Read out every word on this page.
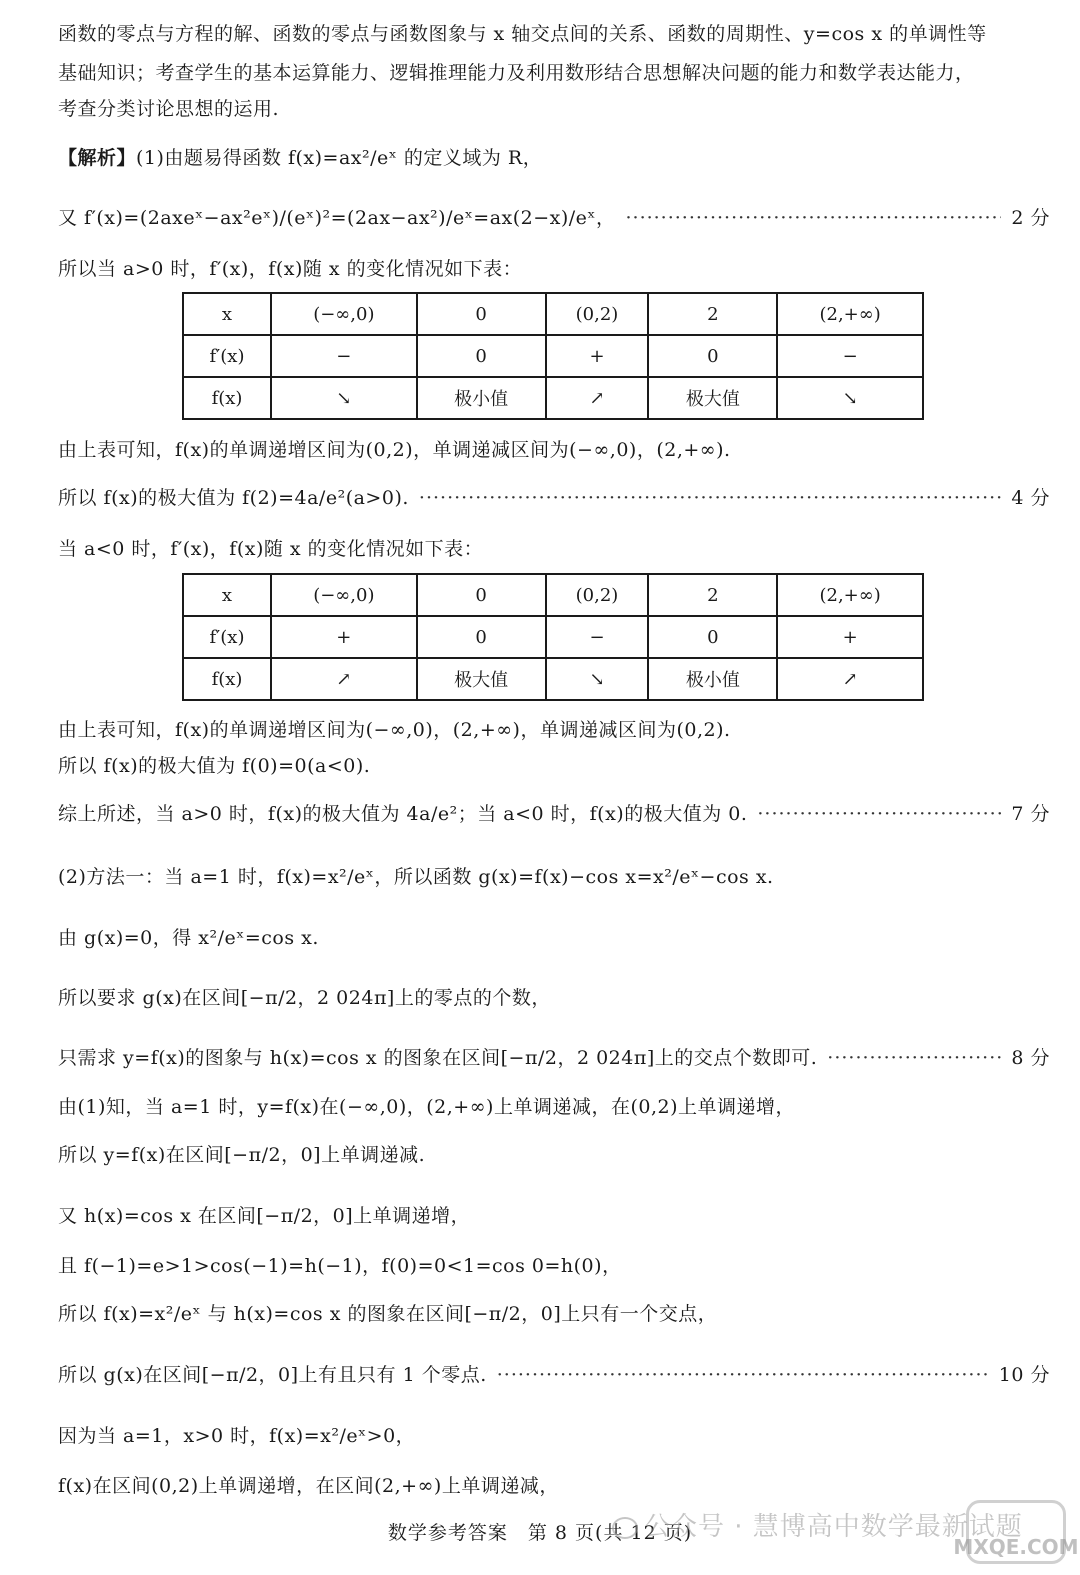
函数的零点与方程的解、函数的零点与函数图象与 x 轴交点间的关系、函数的周期性、y=cos x 的单调性等
基础知识；考查学生的基本运算能力、逻辑推理能力及利用数形结合思想解决问题的能力和数学表达能力，
考查分类讨论思想的运用.
【解析】(1)由题易得函数 f(x)=ax²/eˣ 的定义域为 R，
又 f′(x)=(2axeˣ−ax²eˣ)/(eˣ)²=(2ax−ax²)/eˣ=ax(2−x)/eˣ， ·····	2 分
所以当 a>0 时，f′(x)，f(x)随 x 的变化情况如下表：
x	(−∞,0)	0	(0,2)	2	(2,+∞)
f′(x)	−	0	+	0	−
f(x)	↘	极小值	↗	极大值	↘
由上表可知，f(x)的单调递增区间为(0,2)，单调递减区间为(−∞,0)，(2,+∞).
所以 f(x)的极大值为 f(2)=4a/e²(a>0). ·····	4 分
当 a<0 时，f′(x)，f(x)随 x 的变化情况如下表：
x	(−∞,0)	0	(0,2)	2	(2,+∞)
f′(x)	+	0	−	0	+
f(x)	↗	极大值	↘	极小值	↗
由上表可知，f(x)的单调递增区间为(−∞,0)，(2,+∞)，单调递减区间为(0,2).
所以 f(x)的极大值为 f(0)=0(a<0).
综上所述，当 a>0 时，f(x)的极大值为 4a/e²；当 a<0 时，f(x)的极大值为 0. ·····	7 分
(2)方法一：当 a=1 时，f(x)=x²/eˣ，所以函数 g(x)=f(x)−cos x=x²/eˣ−cos x.
由 g(x)=0，得 x²/eˣ=cos x.
所以要求 g(x)在区间[−π/2，2 024π]上的零点的个数，
只需求 y=f(x)的图象与 h(x)=cos x 的图象在区间[−π/2，2 024π]上的交点个数即可. ·····	8 分
由(1)知，当 a=1 时，y=f(x)在(−∞,0)，(2,+∞)上单调递减，在(0,2)上单调递增，
所以 y=f(x)在区间[−π/2，0]上单调递减.
又 h(x)=cos x 在区间[−π/2，0]上单调递增，
且 f(−1)=e>1>cos(−1)=h(−1)，f(0)=0<1=cos 0=h(0)，
所以 f(x)=x²/eˣ 与 h(x)=cos x 的图象在区间[−π/2，0]上只有一个交点，
所以 g(x)在区间[−π/2，0]上有且只有 1 个零点. ·····	10 分
因为当 a=1，x>0 时，f(x)=x²/eˣ>0，
f(x)在区间(0,2)上单调递增，在区间(2,+∞)上单调递减，
数学参考答案　第 8 页(共 12 页)
公众号 · 慧博高中数学最新试题
MXQE.COM
